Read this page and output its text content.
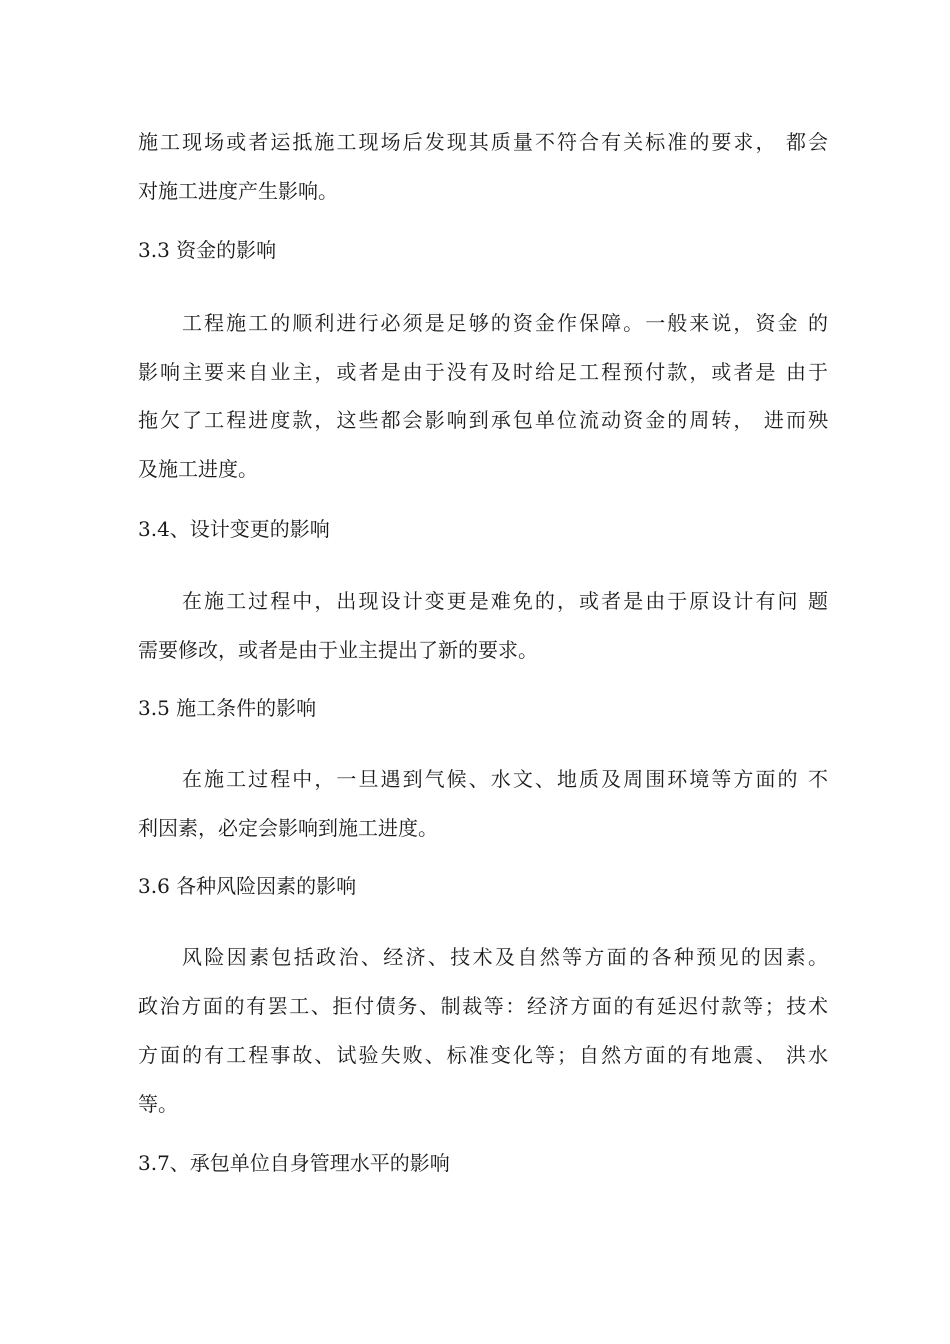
施工现场或者运抵施工现场后发现其质量不符合有关标准的要求， 都会
对施工进度产生影响。
3.3 资金的影响
工程施工的顺利进行必须是足够的资金作保障。一般来说，资金 的
影响主要来自业主，或者是由于没有及时给足工程预付款，或者是 由于
拖欠了工程进度款，这些都会影响到承包单位流动资金的周转， 进而殃
及施工进度。
3.4、设计变更的影响
在施工过程中，出现设计变更是难免的，或者是由于原设计有问 题
需要修改，或者是由于业主提出了新的要求。
3.5 施工条件的影响
在施工过程中，一旦遇到气候、水文、地质及周围环境等方面的 不
利因素，必定会影响到施工进度。
3.6 各种风险因素的影响
风险因素包括政治、经济、技术及自然等方面的各种预见的因素。
政治方面的有罢工、拒付债务、制裁等：经济方面的有延迟付款等；技术
方面的有工程事故、试验失败、标准变化等；自然方面的有地震、 洪水
等。
3.7、承包单位自身管理水平的影响
